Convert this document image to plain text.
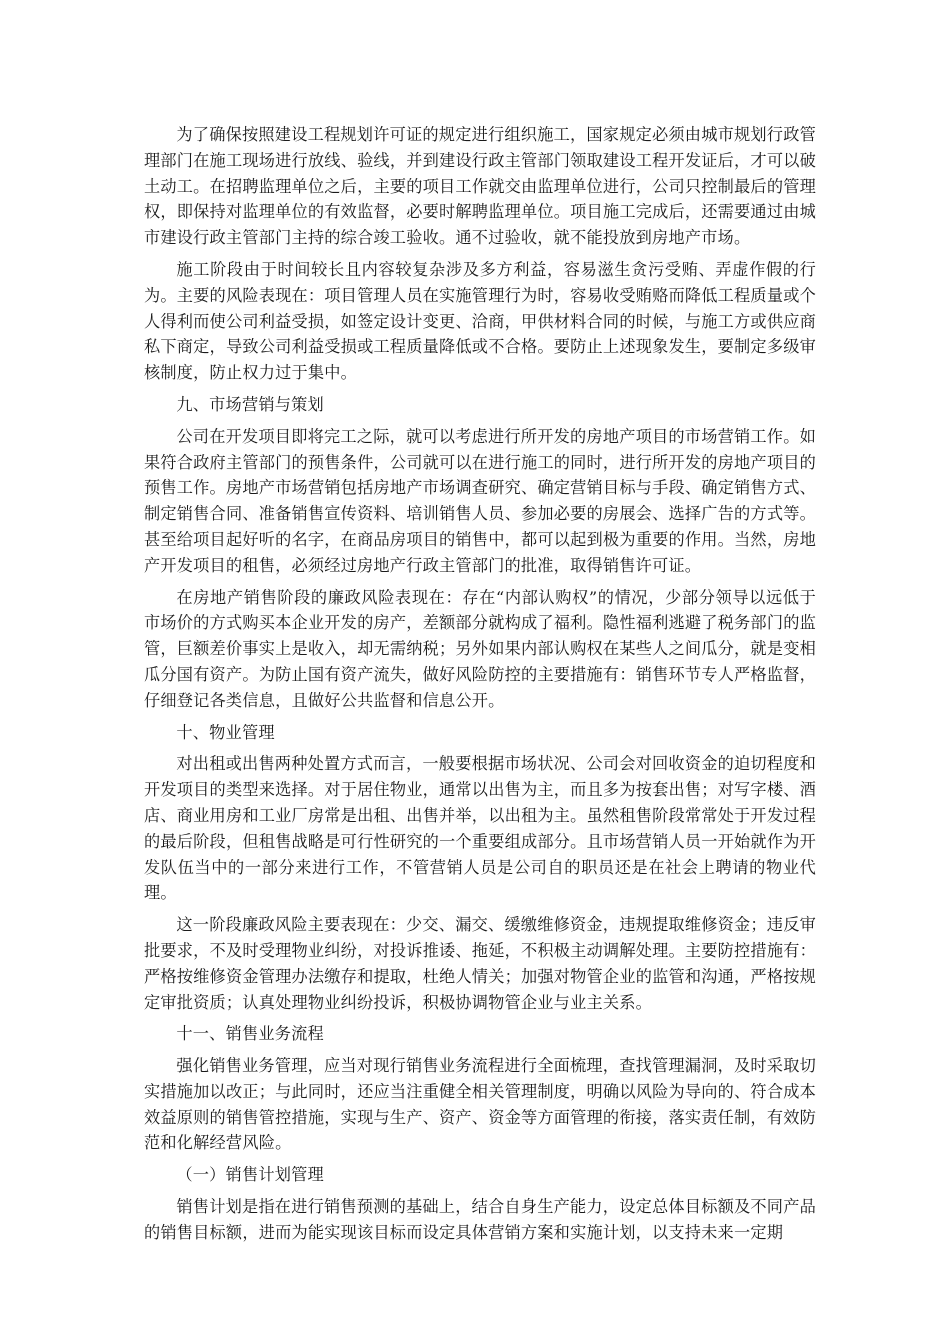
为了确保按照建设工程规划许可证的规定进行组织施工，国家规定必须由城市规划行政管理部门在施工现场进行放线、验线，并到建设行政主管部门领取建设工程开发证后，才可以破土动工。在招聘监理单位之后，主要的项目工作就交由监理单位进行，公司只控制最后的管理权，即保持对监理单位的有效监督，必要时解聘监理单位。项目施工完成后，还需要通过由城市建设行政主管部门主持的综合竣工验收。通不过验收，就不能投放到房地产市场。

施工阶段由于时间较长且内容较复杂涉及多方利益，容易滋生贪污受贿、弄虚作假的行为。主要的风险表现在：项目管理人员在实施管理行为时，容易收受贿赂而降低工程质量或个人得利而使公司利益受损，如签定设计变更、洽商，甲供材料合同的时候，与施工方或供应商私下商定，导致公司利益受损或工程质量降低或不合格。要防止上述现象发生，要制定多级审核制度，防止权力过于集中。

九、市场营销与策划

公司在开发项目即将完工之际，就可以考虑进行所开发的房地产项目的市场营销工作。如果符合政府主管部门的预售条件，公司就可以在进行施工的同时，进行所开发的房地产项目的预售工作。房地产市场营销包括房地产市场调查研究、确定营销目标与手段、确定销售方式、制定销售合同、准备销售宣传资料、培训销售人员、参加必要的房展会、选择广告的方式等。甚至给项目起好听的名字，在商品房项目的销售中，都可以起到极为重要的作用。当然，房地产开发项目的租售，必须经过房地产行政主管部门的批准，取得销售许可证。

在房地产销售阶段的廉政风险表现在：存在“内部认购权”的情况，少部分领导以远低于市场价的方式购买本企业开发的房产，差额部分就构成了福利。隐性福利逃避了税务部门的监管，巨额差价事实上是收入，却无需纳税；另外如果内部认购权在某些人之间瓜分，就是变相瓜分国有资产。为防止国有资产流失，做好风险防控的主要措施有：销售环节专人严格监督，仔细登记各类信息，且做好公共监督和信息公开。

十、物业管理

对出租或出售两种处置方式而言，一般要根据市场状况、公司会对回收资金的迫切程度和开发项目的类型来选择。对于居住物业，通常以出售为主，而且多为按套出售；对写字楼、酒店、商业用房和工业厂房常是出租、出售并举，以出租为主。虽然租售阶段常常处于开发过程的最后阶段，但租售战略是可行性研究的一个重要组成部分。且市场营销人员一开始就作为开发队伍当中的一部分来进行工作，不管营销人员是公司自的职员还是在社会上聘请的物业代理。

这一阶段廉政风险主要表现在：少交、漏交、缓缴维修资金，违规提取维修资金；违反审批要求，不及时受理物业纠纷，对投诉推诿、拖延，不积极主动调解处理。主要防控措施有：严格按维修资金管理办法缴存和提取，杜绝人情关；加强对物管企业的监管和沟通，严格按规定审批资质；认真处理物业纠纷投诉，积极协调物管企业与业主关系。

十一、销售业务流程

强化销售业务管理，应当对现行销售业务流程进行全面梳理，查找管理漏洞，及时采取切实措施加以改正；与此同时，还应当注重健全相关管理制度，明确以风险为导向的、符合成本效益原则的销售管控措施，实现与生产、资产、资金等方面管理的衔接，落实责任制，有效防范和化解经营风险。

（一）销售计划管理

销售计划是指在进行销售预测的基础上，结合自身生产能力，设定总体目标额及不同产品的销售目标额，进而为能实现该目标而设定具体营销方案和实施计划，以支持未来一定期
